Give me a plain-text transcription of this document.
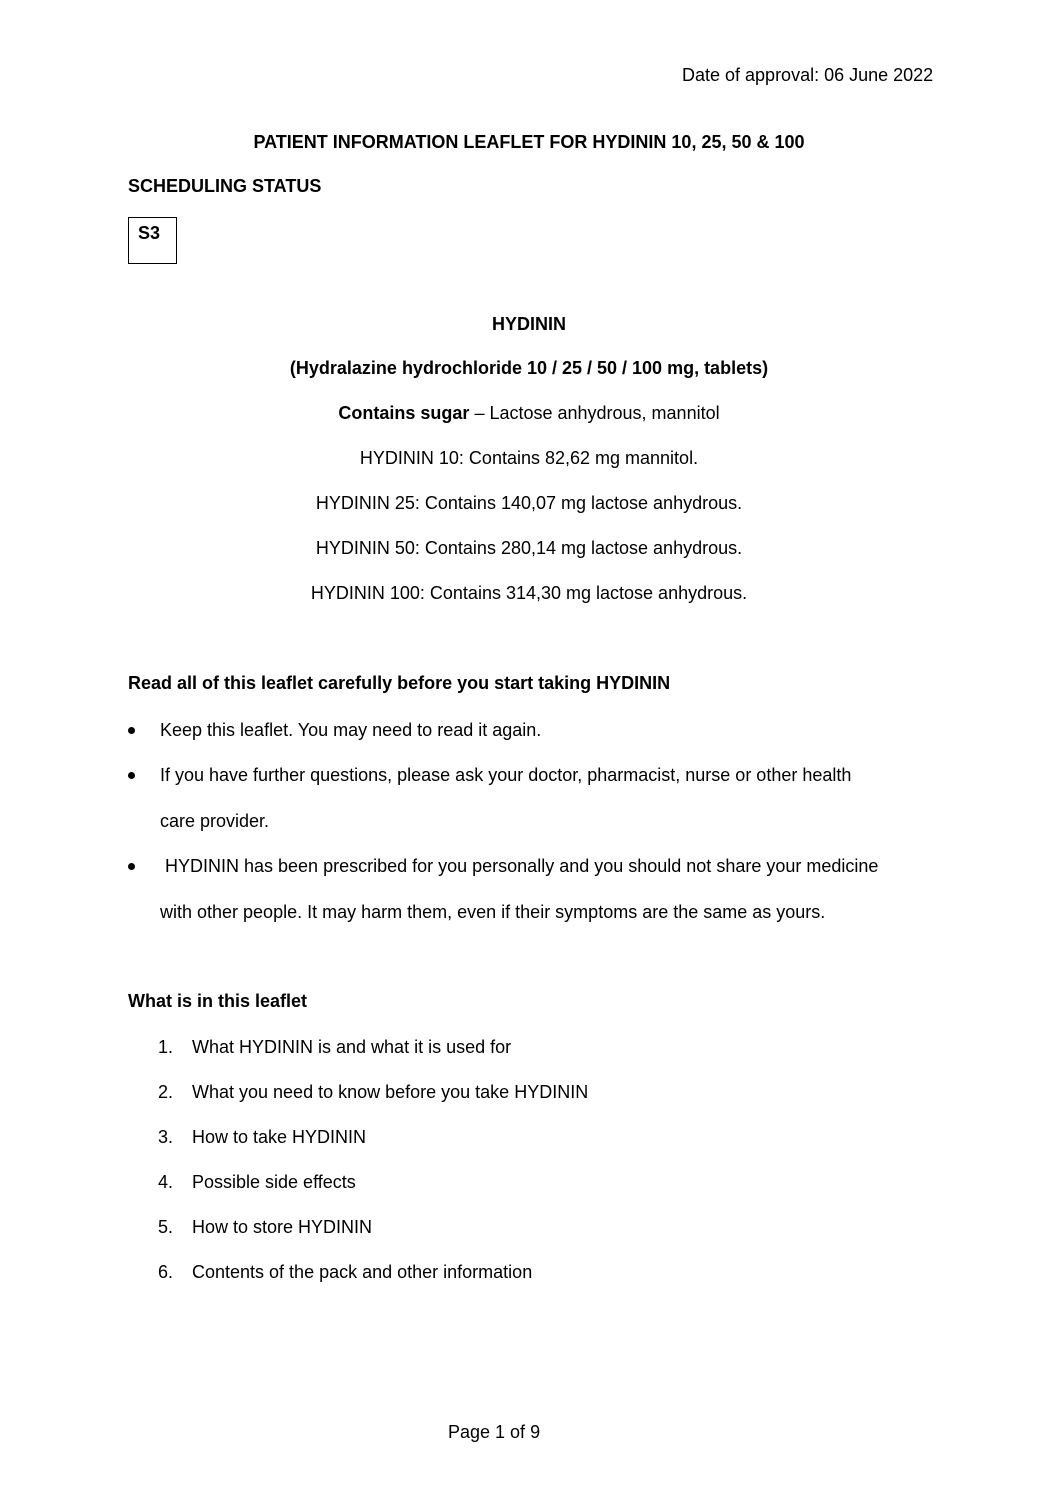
Date of approval: 06 June 2022
PATIENT INFORMATION LEAFLET FOR HYDININ 10, 25, 50 & 100
SCHEDULING STATUS
S3
HYDININ
(Hydralazine hydrochloride 10 / 25 / 50 / 100 mg, tablets)
Contains sugar – Lactose anhydrous, mannitol
HYDININ 10: Contains 82,62 mg mannitol.
HYDININ 25: Contains 140,07 mg lactose anhydrous.
HYDININ 50: Contains 280,14 mg lactose anhydrous.
HYDININ 100: Contains 314,30 mg lactose anhydrous.
Read all of this leaflet carefully before you start taking HYDININ
Keep this leaflet. You may need to read it again.
If you have further questions, please ask your doctor, pharmacist, nurse or other health
care provider.
HYDININ has been prescribed for you personally and you should not share your medicine
with other people. It may harm them, even if their symptoms are the same as yours.
What is in this leaflet
1. What HYDININ is and what it is used for
2. What you need to know before you take HYDININ
3. How to take HYDININ
4. Possible side effects
5. How to store HYDININ
6. Contents of the pack and other information
Page 1 of 9
